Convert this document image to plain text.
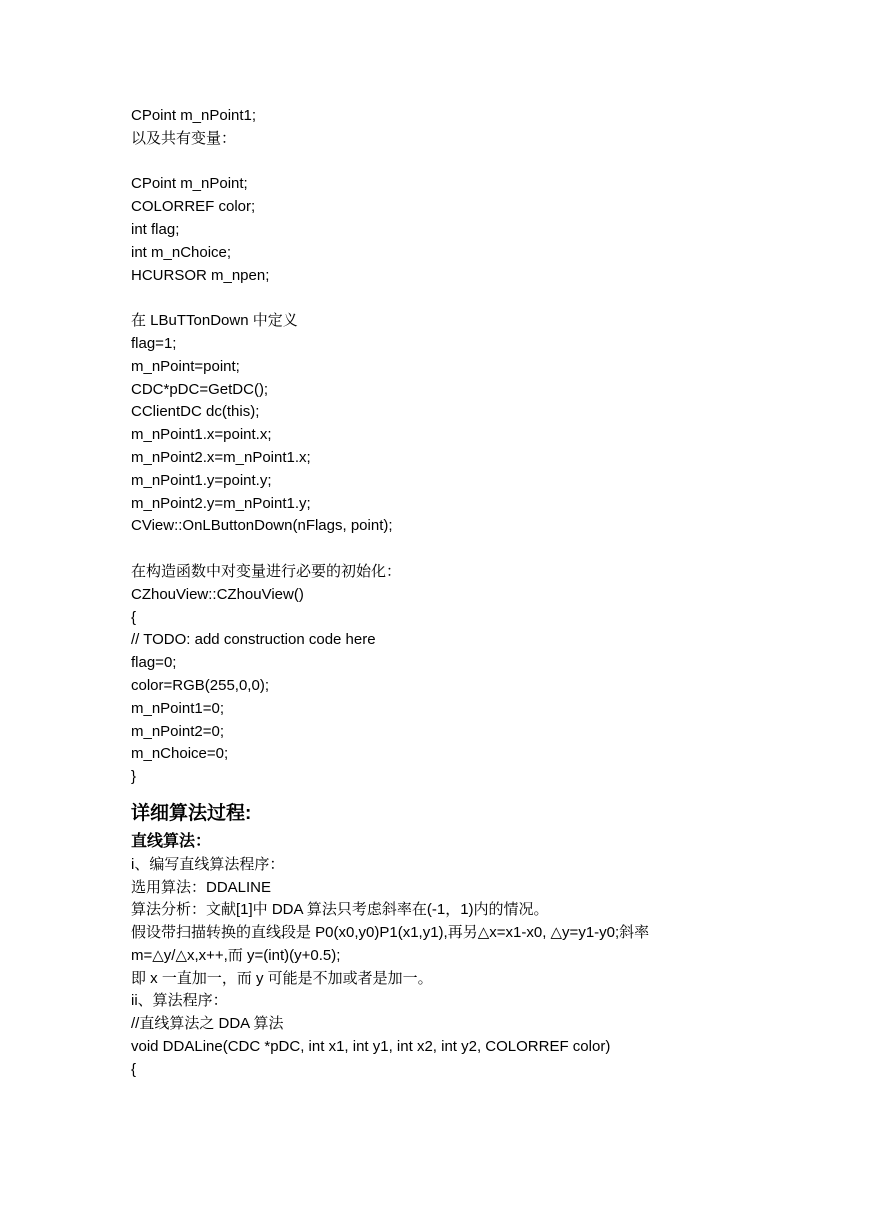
CPoint m_nPoint1;
以及共有变量：
CPoint m_nPoint;
COLORREF color;
int flag;
int m_nChoice;
HCURSOR m_npen;
在 LBuTTonDown 中定义
flag=1;
m_nPoint=point;
CDC*pDC=GetDC();
CClientDC dc(this);
m_nPoint1.x=point.x;
m_nPoint2.x=m_nPoint1.x;
m_nPoint1.y=point.y;
m_nPoint2.y=m_nPoint1.y;
CView::OnLButtonDown(nFlags, point);
在构造函数中对变量进行必要的初始化：
CZhouView::CZhouView()
{
// TODO: add construction code here
flag=0;
color=RGB(255,0,0);
m_nPoint1=0;
m_nPoint2=0;
m_nChoice=0;
}
详细算法过程:
直线算法：
i、编写直线算法程序：
选用算法：DDALINE
算法分析：文献[1]中 DDA 算法只考虑斜率在(-1，1)内的情况。
假设带扫描转换的直线段是 P0(x0,y0)P1(x1,y1),再另△x=x1-x0, △y=y1-y0;斜率
m=△y/△x,x++,而 y=(int)(y+0.5);
即 x 一直加一，而 y 可能是不加或者是加一。
ii、算法程序：
//直线算法之 DDA 算法
void DDALine(CDC *pDC, int x1, int y1, int x2, int y2, COLORREF color)
{
